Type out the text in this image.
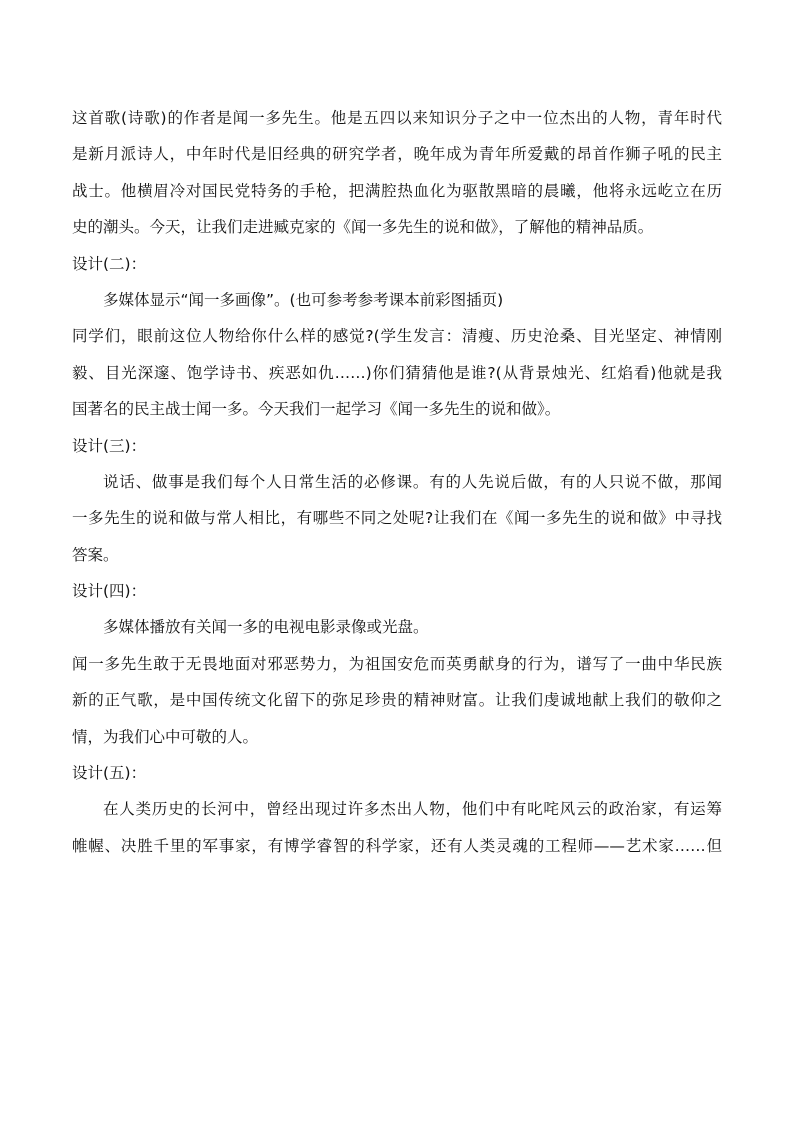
这首歌(诗歌)的作者是闻一多先生。他是五四以来知识分子之中一位杰出的人物，青年时代
是新月派诗人，中年时代是旧经典的研究学者，晚年成为青年所爱戴的昂首作狮子吼的民主
战士。他横眉冷对国民党特务的手枪，把满腔热血化为驱散黑暗的晨曦，他将永远屹立在历
史的潮头。今天，让我们走进臧克家的《闻一多先生的说和做》，了解他的精神品质。
设计(二)：
多媒体显示“闻一多画像”。(也可参考参考课本前彩图插页)
同学们，眼前这位人物给你什么样的感觉?(学生发言：清瘦、历史沧桑、目光坚定、神情刚
毅、目光深邃、饱学诗书、疾恶如仇……)你们猜猜他是谁?(从背景烛光、红焰看)他就是我
国著名的民主战士闻一多。今天我们一起学习《闻一多先生的说和做》。
设计(三)：
说话、做事是我们每个人日常生活的必修课。有的人先说后做，有的人只说不做，那闻
一多先生的说和做与常人相比，有哪些不同之处呢?让我们在《闻一多先生的说和做》中寻找
答案。
设计(四)：
多媒体播放有关闻一多的电视电影录像或光盘。
闻一多先生敢于无畏地面对邪恶势力，为祖国安危而英勇献身的行为，谱写了一曲中华民族
新的正气歌，是中国传统文化留下的弥足珍贵的精神财富。让我们虔诚地献上我们的敬仰之
情，为我们心中可敬的人。
设计(五)：
在人类历史的长河中，曾经出现过许多杰出人物，他们中有叱咤风云的政治家，有运筹
帷幄、决胜千里的军事家，有博学睿智的科学家，还有人类灵魂的工程师——艺术家……但
